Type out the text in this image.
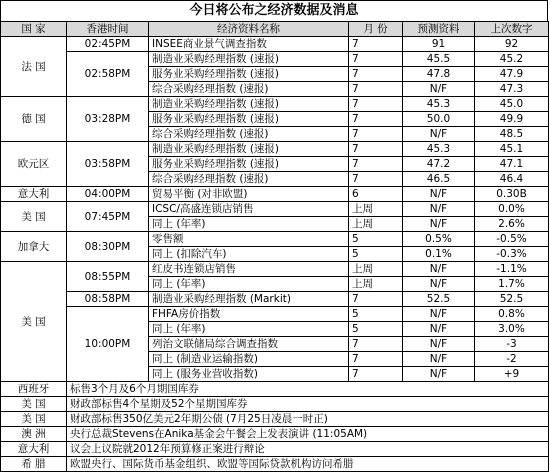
今日将公布之经济数据及消息
国 家	香港时间	经济资料名称	月 份	预测资料	上次数字
法 国	02:45PM	INSEE商业景气调查指数	7	91	92
	02:58PM	制造业采购经理指数 (速报)	7	45.5	45.2
		服务业采购经理指数 (速报)	7	47.8	47.9
		综合采购经理指数 (速报)	7	N/F	47.3
德 国	03:28PM	制造业采购经理指数 (速报)	7	45.3	45.0
		服务业采购经理指数 (速报)	7	50.0	49.9
		综合采购经理指数 (速报)	7	N/F	48.5
欧元区	03:58PM	制造业采购经理指数 (速报)	7	45.3	45.1
		服务业采购经理指数 (速报)	7	47.2	47.1
		综合采购经理指数 (速报)	7	46.5	46.4
意大利	04:00PM	贸易平衡 (对非欧盟)	6	N/F	0.30B
美 国	07:45PM	ICSC/高盛连锁店销售	上周	N/F	0.0%
		同上 (年率)	上周	N/F	2.6%
加拿大	08:30PM	零售额	5	0.5%	-0.5%
		同上 (扣除汽车)	5	0.1%	-0.3%
美 国	08:55PM	红皮书连锁店销售	上周	N/F	-1.1%
		同上 (年率)	上周	N/F	1.7%
	08:58PM	制造业采购经理指数 (Markit)	7	52.5	52.5
	10:00PM	FHFA房价指数	5	N/F	0.8%
		同上 (年率)	5	N/F	3.0%
		列治文联储局综合调查指数	7	N/F	-3
		同上 (制造业运输指数)	7	N/F	-2
		同上 (服务业营收指数)	7	N/F	+9
西班牙	标售3个月及6个月期国库券				
美 国	财政部标售4个星期及52个星期国库券				
美 国	财政部标售350亿美元2年期公债 (7月25日凌晨一时正)				
澳 洲	央行总裁Stevens在Anika基金会午餐会上发表演讲 (11:05AM)				
意大利	议会上议院就2012年预算修正案进行辩论				
希 腊	欧盟央行、国际货币基金组织、欧盟等国际贷款机构访问希腊				
